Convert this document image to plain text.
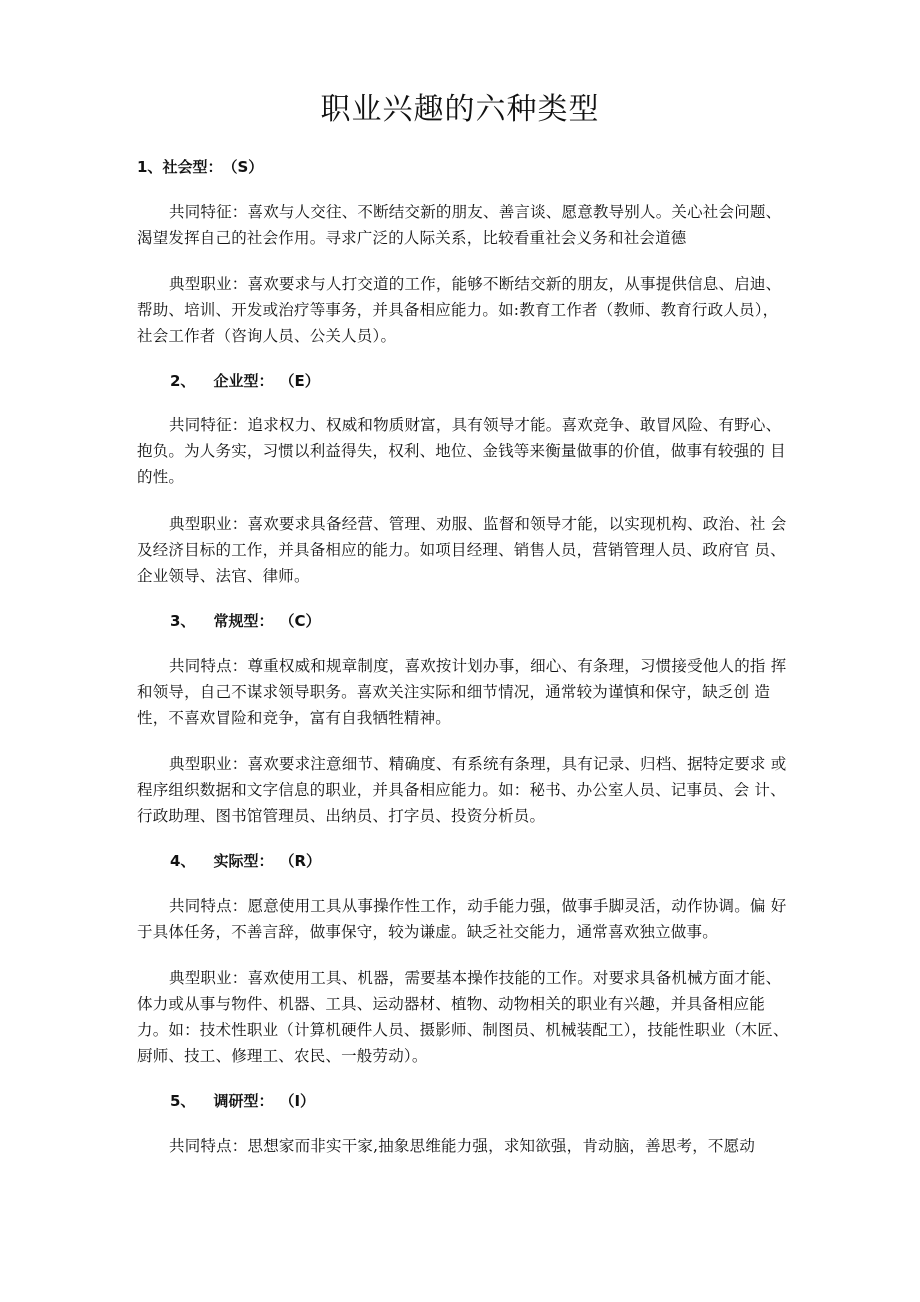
职业兴趣的六种类型
1、社会型：（S）

共同特征：喜欢与人交往、不断结交新的朋友、善言谈、愿意教导别人。关心社会问题、 渴望发挥自己的社会作用。寻求广泛的人际关系，比较看重社会义务和社会道德

典型职业：喜欢要求与人打交道的工作，能够不断结交新的朋友，从事提供信息、启迪、 帮助、培训、开发或治疗等事务，并具备相应能力。如:教育工作者（教师、教育行政人员）， 社会工作者（咨询人员、公关人员）。

2、 企业型： （E）

共同特征：追求权力、权威和物质财富，具有领导才能。喜欢竞争、敢冒风险、有野心、 抱负。为人务实，习惯以利益得失，权利、地位、金钱等来衡量做事的价值，做事有较强的 目的性。

典型职业：喜欢要求具备经营、管理、劝服、监督和领导才能，以实现机构、政治、社 会及经济目标的工作，并具备相应的能力。如项目经理、销售人员，营销管理人员、政府官 员、企业领导、法官、律师。

3、 常规型： （C）

共同特点：尊重权威和规章制度，喜欢按计划办事，细心、有条理，习惯接受他人的指 挥和领导，自己不谋求领导职务。喜欢关注实际和细节情况，通常较为谨慎和保守，缺乏创 造性，不喜欢冒险和竞争，富有自我牺牲精神。

典型职业：喜欢要求注意细节、精确度、有系统有条理，具有记录、归档、据特定要求 或程序组织数据和文字信息的职业，并具备相应能力。如：秘书、办公室人员、记事员、会 计、行政助理、图书馆管理员、出纳员、打字员、投资分析员。

4、 实际型： （R）

共同特点：愿意使用工具从事操作性工作，动手能力强，做事手脚灵活，动作协调。偏 好于具体任务，不善言辞，做事保守，较为谦虚。缺乏社交能力，通常喜欢独立做事。

典型职业：喜欢使用工具、机器，需要基本操作技能的工作。对要求具备机械方面才能、 体力或从事与物件、机器、工具、运动器材、植物、动物相关的职业有兴趣，并具备相应能 力。如：技术性职业（计算机硬件人员、摄影师、制图员、机械装配工），技能性职业（木匠、 厨师、技工、修理工、农民、一般劳动）。

5、 调研型： （I）

共同特点：思想家而非实干家,抽象思维能力强，求知欲强，肯动脑，善思考，不愿动
